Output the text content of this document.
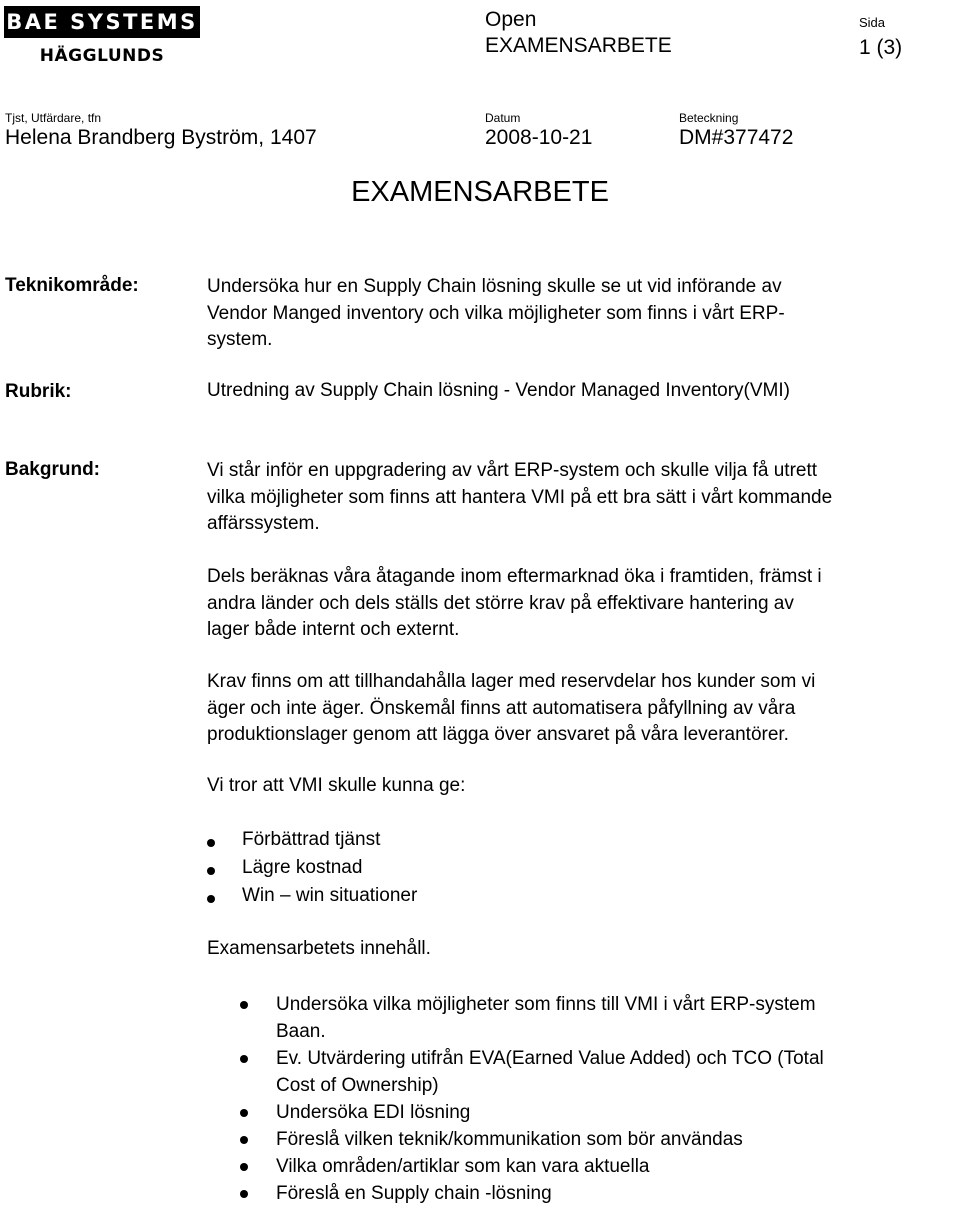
BAE SYSTEMS
HÄGGLUNDS
Open
EXAMENSARBETE
Sida
1 (3)
Tjst, Utfärdare, tfn
Helena Brandberg Byström, 1407
Datum
2008-10-21
Beteckning
DM#377472
EXAMENSARBETE
Teknikområde:	Undersöka hur en Supply Chain lösning skulle se ut vid införande av
Vendor Manged inventory och vilka möjligheter som finns i vårt ERP-
system.
Rubrik:	Utredning av Supply Chain lösning - Vendor Managed Inventory(VMI)
Bakgrund:	Vi står inför en uppgradering av vårt ERP-system och skulle vilja få utrett
vilka möjligheter som finns att hantera VMI på ett bra sätt i vårt kommande
affärssystem.
Dels beräknas våra åtagande inom eftermarknad öka i framtiden, främst i
andra länder och dels ställs det större krav på effektivare hantering av
lager både internt och externt.
Krav finns om att tillhandahålla lager med reservdelar hos kunder som vi
äger och inte äger. Önskemål finns att automatisera påfyllning av våra
produktionslager genom att lägga över ansvaret på våra leverantörer.
Vi tror att VMI skulle kunna ge:
Förbättrad tjänst
Lägre kostnad
Win – win situationer
Examensarbetets innehåll.
Undersöka vilka möjligheter som finns till VMI i vårt ERP-system
Baan.
Ev. Utvärdering utifrån EVA(Earned Value Added) och TCO (Total
Cost of Ownership)
Undersöka EDI lösning
Föreslå vilken teknik/kommunikation som bör användas
Vilka områden/artiklar som kan vara aktuella
Föreslå en Supply chain -lösning
